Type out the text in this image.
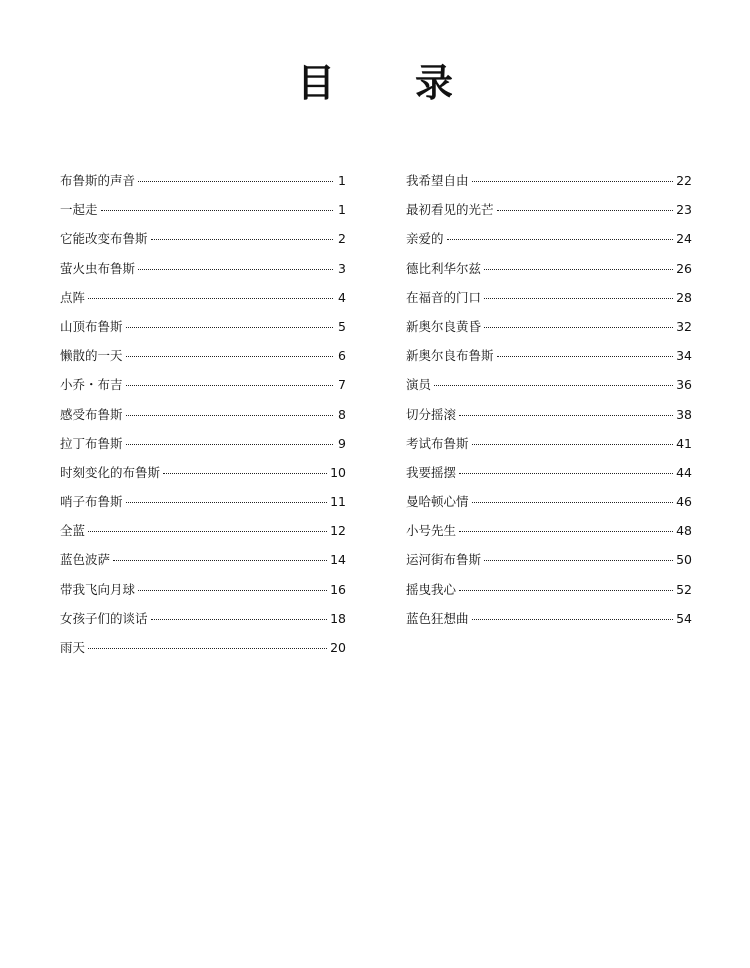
目 录
布鲁斯的声音	1
一起走	1
它能改变布鲁斯	2
萤火虫布鲁斯	3
点阵	4
山顶布鲁斯	5
懒散的一天	6
小乔・布吉	7
感受布鲁斯	8
拉丁布鲁斯	9
时刻变化的布鲁斯	10
哨子布鲁斯	11
全蓝	12
蓝色波萨	14
带我飞向月球	16
女孩子们的谈话	18
雨天	20
我希望自由	22
最初看见的光芒	23
亲爱的	24
德比利华尔兹	26
在福音的门口	28
新奥尔良黄昏	32
新奥尔良布鲁斯	34
演员	36
切分摇滚	38
考试布鲁斯	41
我要摇摆	44
曼哈顿心情	46
小号先生	48
运河街布鲁斯	50
摇曳我心	52
蓝色狂想曲	54
